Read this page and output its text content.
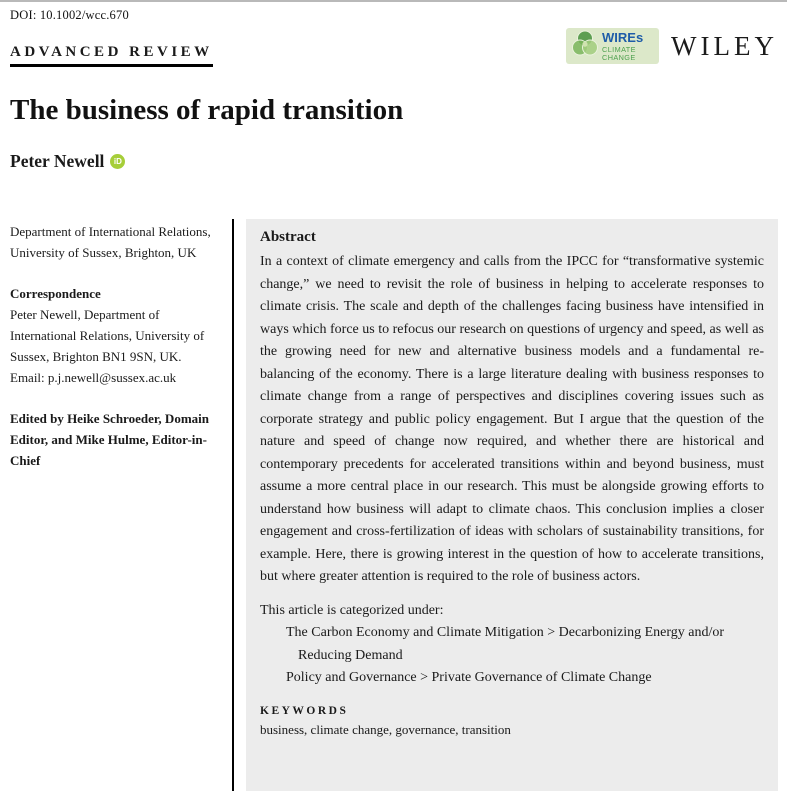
DOI: 10.1002/wcc.670
ADVANCED REVIEW
WIREs
CLIMATE CHANGE	WILEY
The business of rapid transition
Peter Newell	iD
Department of International Relations, University of Sussex, Brighton, UK
Correspondence
Peter Newell, Department of International Relations, University of Sussex, Brighton BN1 9SN, UK.
Email: p.j.newell@sussex.ac.uk
Edited by Heike Schroeder, Domain Editor, and Mike Hulme, Editor-in-Chief
Abstract
In a context of climate emergency and calls from the IPCC for “transformative systemic change,” we need to revisit the role of business in helping to accelerate responses to climate crisis. The scale and depth of the challenges facing business have intensified in ways which force us to refocus our research on questions of urgency and speed, as well as the growing need for new and alternative business models and a fundamental re-balancing of the economy. There is a large literature dealing with business responses to climate change from a range of perspectives and disciplines covering issues such as corporate strategy and public policy engagement. But I argue that the question of the nature and speed of change now required, and whether there are historical and contemporary precedents for accelerated transitions within and beyond business, must assume a more central place in our research. This must be alongside growing efforts to understand how business will adapt to climate chaos. This conclusion implies a closer engagement and cross-fertilization of ideas with scholars of sustainability transitions, for example. Here, there is growing interest in the question of how to accelerate transitions, but where greater attention is required to the role of business actors.
This article is categorized under:
The Carbon Economy and Climate Mitigation > Decarbonizing Energy and/or Reducing Demand
Policy and Governance > Private Governance of Climate Change
KEYWORDS
business, climate change, governance, transition
